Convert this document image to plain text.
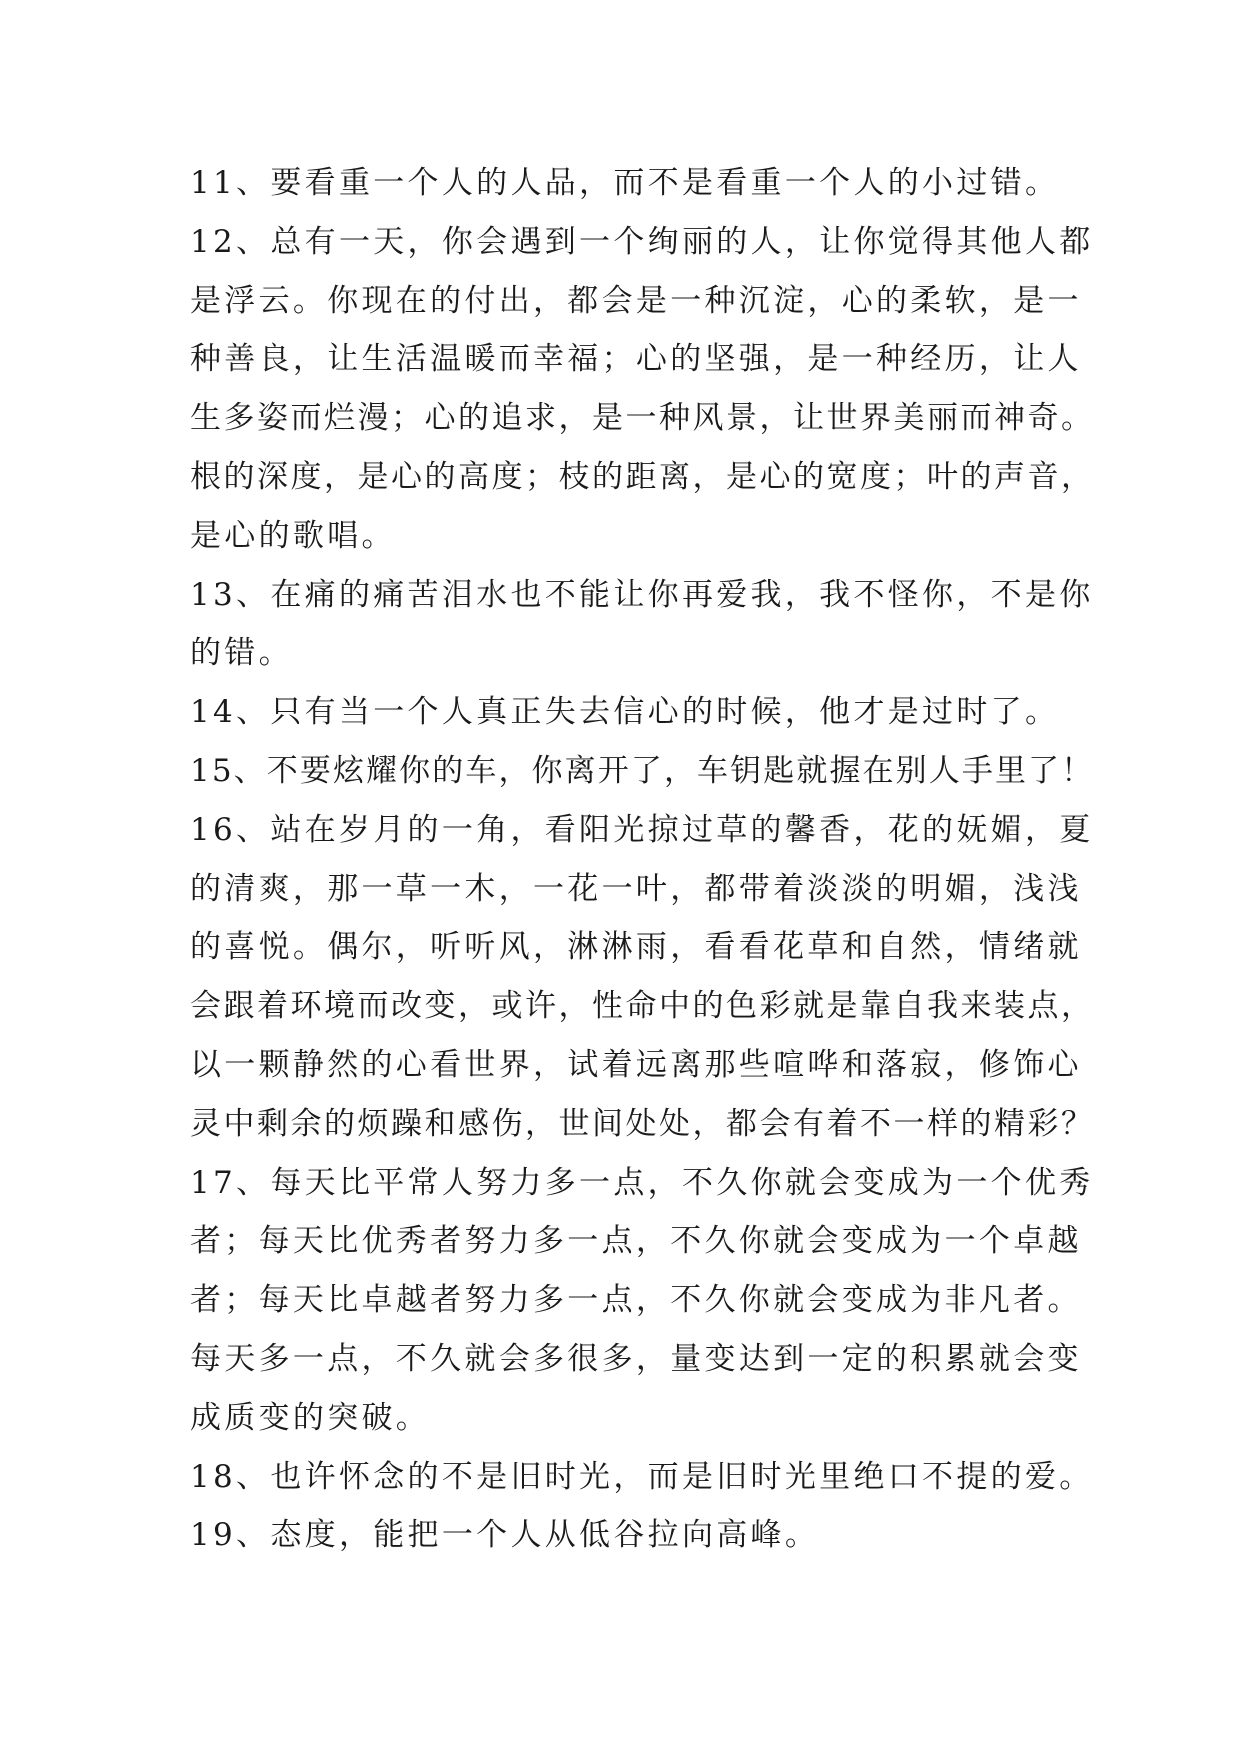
11、要看重一个人的人品，而不是看重一个人的小过错。
12、总有一天，你会遇到一个绚丽的人，让你觉得其他人都
是浮云。你现在的付出，都会是一种沉淀，心的柔软，是一
种善良，让生活温暖而幸福；心的坚强，是一种经历，让人
生多姿而烂漫；心的追求，是一种风景，让世界美丽而神奇。
根的深度，是心的高度；枝的距离，是心的宽度；叶的声音，
是心的歌唱。
13、在痛的痛苦泪水也不能让你再爱我，我不怪你，不是你
的错。
14、只有当一个人真正失去信心的时候，他才是过时了。
15、不要炫耀你的车，你离开了，车钥匙就握在别人手里了！
16、站在岁月的一角，看阳光掠过草的馨香，花的妩媚，夏
的清爽，那一草一木，一花一叶，都带着淡淡的明媚，浅浅
的喜悦。偶尔，听听风，淋淋雨，看看花草和自然，情绪就
会跟着环境而改变，或许，性命中的色彩就是靠自我来装点，
以一颗静然的心看世界，试着远离那些喧哗和落寂，修饰心
灵中剩余的烦躁和感伤，世间处处，都会有着不一样的精彩？
17、每天比平常人努力多一点，不久你就会变成为一个优秀
者；每天比优秀者努力多一点，不久你就会变成为一个卓越
者；每天比卓越者努力多一点，不久你就会变成为非凡者。
每天多一点，不久就会多很多，量变达到一定的积累就会变
成质变的突破。
18、也许怀念的不是旧时光，而是旧时光里绝口不提的爱。
19、态度，能把一个人从低谷拉向高峰。
